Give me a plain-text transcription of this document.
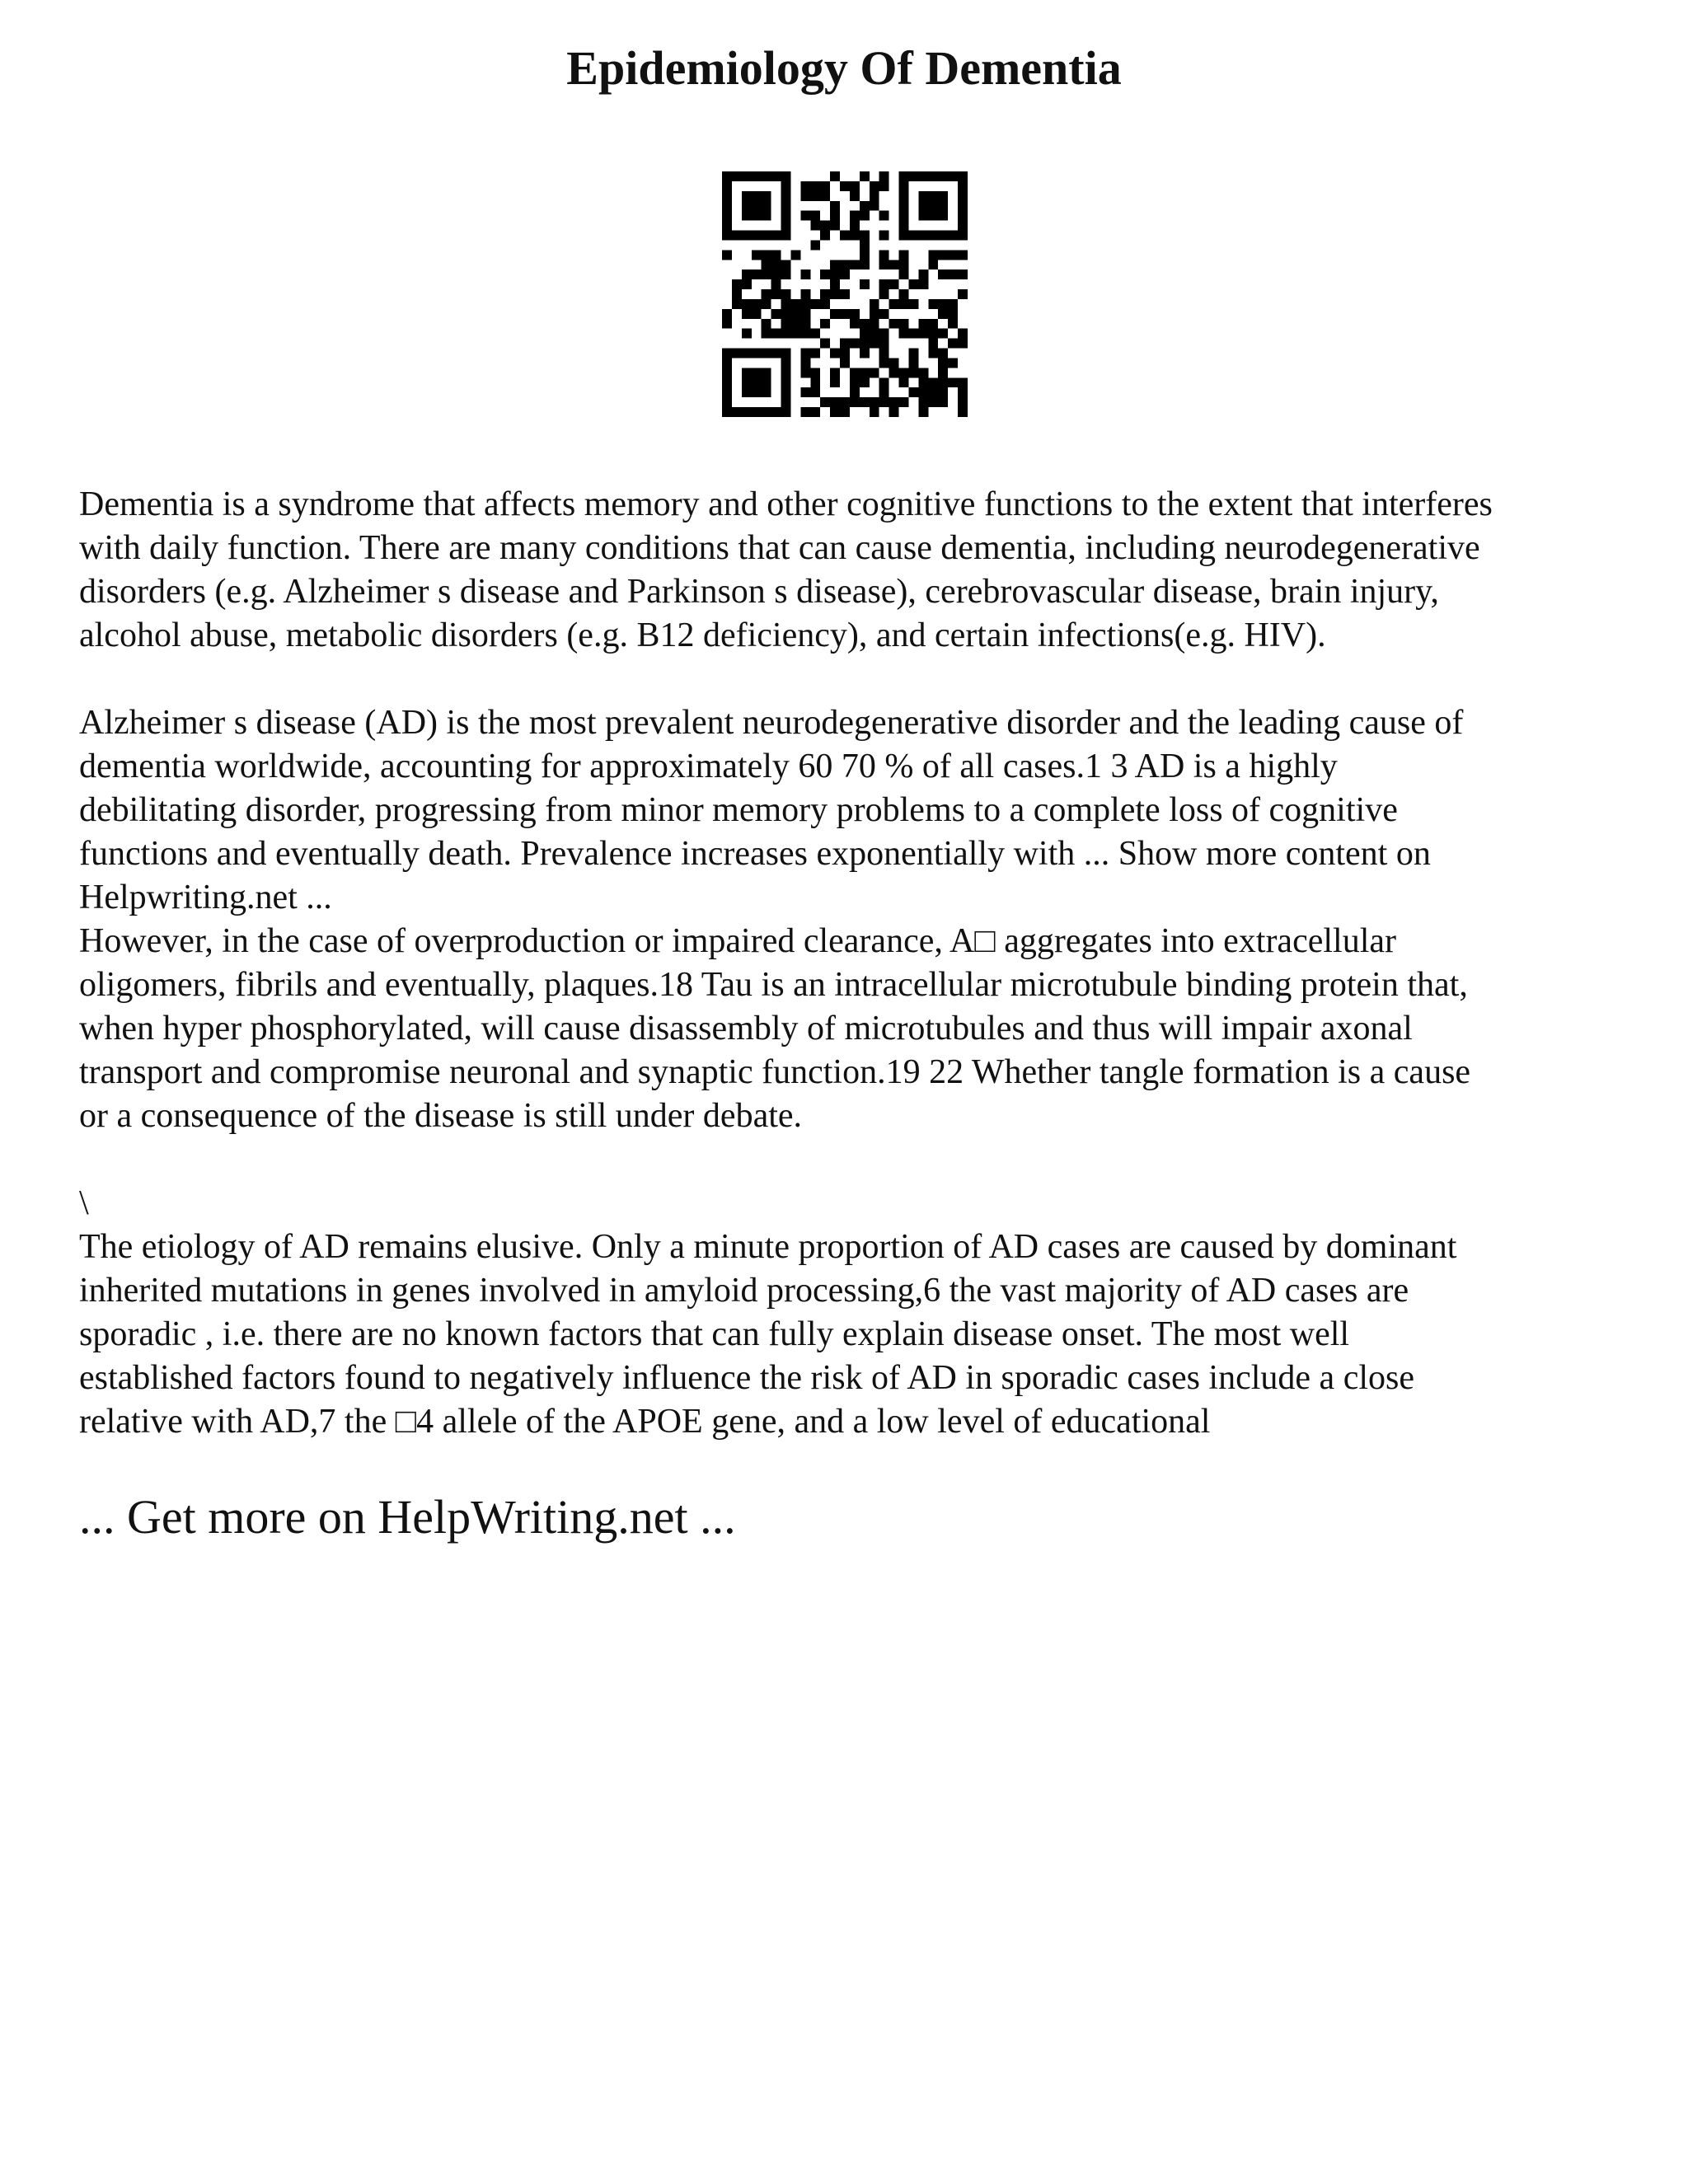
Epidemiology Of Dementia

Dementia is a syndrome that affects memory and other cognitive functions to the extent that interferes
with daily function. There are many conditions that can cause dementia, including neurodegenerative
disorders (e.g. Alzheimer s disease and Parkinson s disease), cerebrovascular disease, brain injury,
alcohol abuse, metabolic disorders (e.g. B12 deficiency), and certain infections(e.g. HIV).

Alzheimer s disease (AD) is the most prevalent neurodegenerative disorder and the leading cause of
dementia worldwide, accounting for approximately 60 70 % of all cases.1 3 AD is a highly
debilitating disorder, progressing from minor memory problems to a complete loss of cognitive
functions and eventually death. Prevalence increases exponentially with ... Show more content on
Helpwriting.net ...

However, in the case of overproduction or impaired clearance, A□ aggregates into extracellular
oligomers, fibrils and eventually, plaques.18 Tau is an intracellular microtubule binding protein that,
when hyper phosphorylated, will cause disassembly of microtubules and thus will impair axonal
transport and compromise neuronal and synaptic function.19 22 Whether tangle formation is a cause
or a consequence of the disease is still under debate.

\

The etiology of AD remains elusive. Only a minute proportion of AD cases are caused by dominant
inherited mutations in genes involved in amyloid processing,6 the vast majority of AD cases are
sporadic , i.e. there are no known factors that can fully explain disease onset. The most well
established factors found to negatively influence the risk of AD in sporadic cases include a close
relative with AD,7 the □4 allele of the APOE gene, and a low level of educational

... Get more on HelpWriting.net ...
